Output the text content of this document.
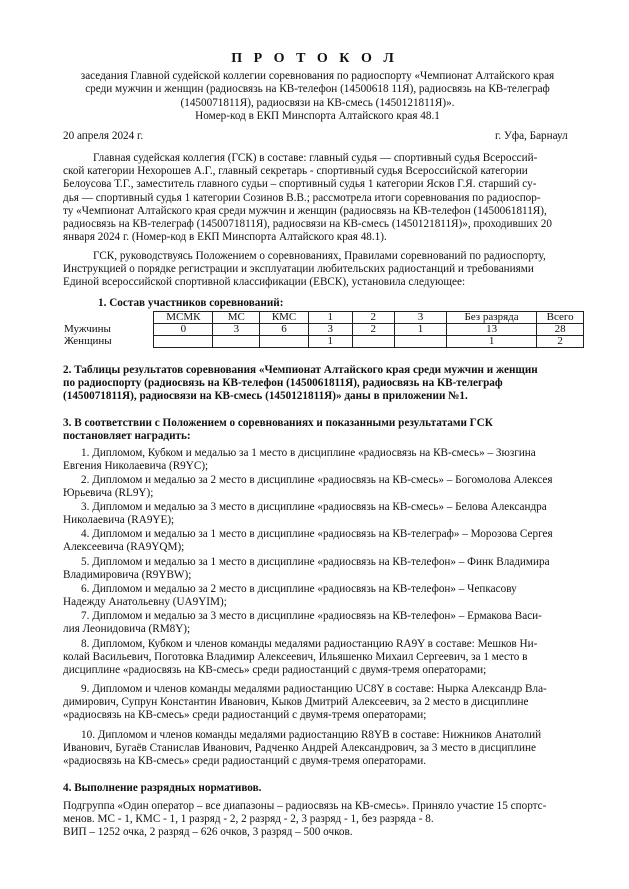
П Р О Т О К О Л
заседания Главной судейской коллегии соревнования по радиоспорту «Чемпионат Алтайского края
среди мужчин и женщин (радиосвязь на КВ-телефон (14500618 11Я), радиосвязь на КВ-телеграф
(1450071811Я), радиосвязи на КВ-смесь (1450121811Я)».
Номер-код в ЕКП Минспорта Алтайского края 48.1
20 апреля 2024 г.	г. Уфа, Барнаул
Главная судейская коллегия (ГСК) в составе: главный судья — спортивный судья Всероссий-
ской категории Нехорошев А.Г., главный секретарь - спортивный судья Всероссийской категории
Белоусова Т.Г., заместитель главного судьи – спортивный судья 1 категории Ясков Г.Я. старший су-
дья — спортивный судья 1 категории Созинов В.В.; рассмотрела итоги соревнования по радиоспор-
ту «Чемпионат Алтайского края среди мужчин и женщин (радиосвязь на КВ-телефон (1450061811Я),
радиосвязь на КВ-телеграф (1450071811Я), радиосвязи на КВ-смесь (1450121811Я)», проходивших 20
января 2024 г. (Номер-код в ЕКП Минспорта Алтайского края 48.1).
ГСК, руководствуясь Положением о соревнованиях, Правилами соревнований по радиоспорту,
Инструкцией о порядке регистрации и эксплуатации любительских радиостанций и требованиями
Единой всероссийской спортивной классификации (ЕВСК), установила следующее:
1. Состав участников соревнований:
	МСМК	МС	КМС	1	2	3	Без разряда	Всего
Мужчины	0	3	6	3	2	1	13	28
Женщины				1			1	2
2. Таблицы результатов соревнования «Чемпионат Алтайского края среди мужчин и женщин
по радиоспорту (радиосвязь на КВ-телефон (1450061811Я), радиосвязь на КВ-телеграф
(1450071811Я), радиосвязи на КВ-смесь (1450121811Я)» даны в приложении №1.
3. В соответствии с Положением о соревнованиях и показанными результатами ГСК
постановляет наградить:
1. Дипломом, Кубком и медалью за 1 место в дисциплине «радиосвязь на КВ-смесь» – Зюзгина
Евгения Николаевича (R9YC);
2. Дипломом и медалью за 2 место в дисциплине «радиосвязь на КВ-смесь» – Богомолова Алексея
Юрьевича (RL9Y);
3. Дипломом и медалью за 3 место в дисциплине «радиосвязь на КВ-смесь» – Белова Александра
Николаевича (RA9YE);
4. Дипломом и медалью за 1 место в дисциплине «радиосвязь на КВ-телеграф» – Морозова Сергея
Алексеевича (RA9YQM);
5. Дипломом и медалью за 1 место в дисциплине «радиосвязь на КВ-телефон» – Финк Владимира
Владимировича (R9YBW);
6. Дипломом и медалью за 2 место в дисциплине «радиосвязь на КВ-телефон» – Чепкасову
Надежду Анатольевну (UA9YIM);
7. Дипломом и медалью за 3 место в дисциплине «радиосвязь на КВ-телефон» – Ермакова Васи-
лия Леонидовича (RM8Y);
8. Дипломом, Кубком и членов команды медалями радиостанцию RA9Y в составе: Мешков Ни-
колай Васильевич, Поготовка Владимир Алексеевич, Ильяшенко Михаил Сергеевич, за 1 место в
дисциплине «радиосвязь на КВ-смесь» среди радиостанций с двумя-тремя операторами;
9. Дипломом и членов команды медалями радиостанцию UC8Y в составе: Нырка Александр Вла-
димирович, Супрун Константин Иванович, Кыков Дмитрий Алексеевич, за 2 место в дисциплине
«радиосвязь на КВ-смесь» среди радиостанций с двумя-тремя операторами;
10. Дипломом и членов команды медалями радиостанцию R8YB в составе: Нижников Анатолий
Иванович, Бугаёв Станислав Иванович, Радченко Андрей Александрович, за 3 место в дисциплине
«радиосвязь на КВ-смесь» среди радиостанций с двумя-тремя операторами.
4. Выполнение разрядных нормативов.
Подгруппа «Один оператор – все диапазоны – радиосвязь на КВ-смесь». Приняло участие 15 спортс-
менов. МС - 1, КМС - 1, 1 разряд - 2, 2 разряд - 2, 3 разряд - 1, без разряда - 8.
ВИП – 1252 очка, 2 разряд – 626 очков, 3 разряд – 500 очков.
